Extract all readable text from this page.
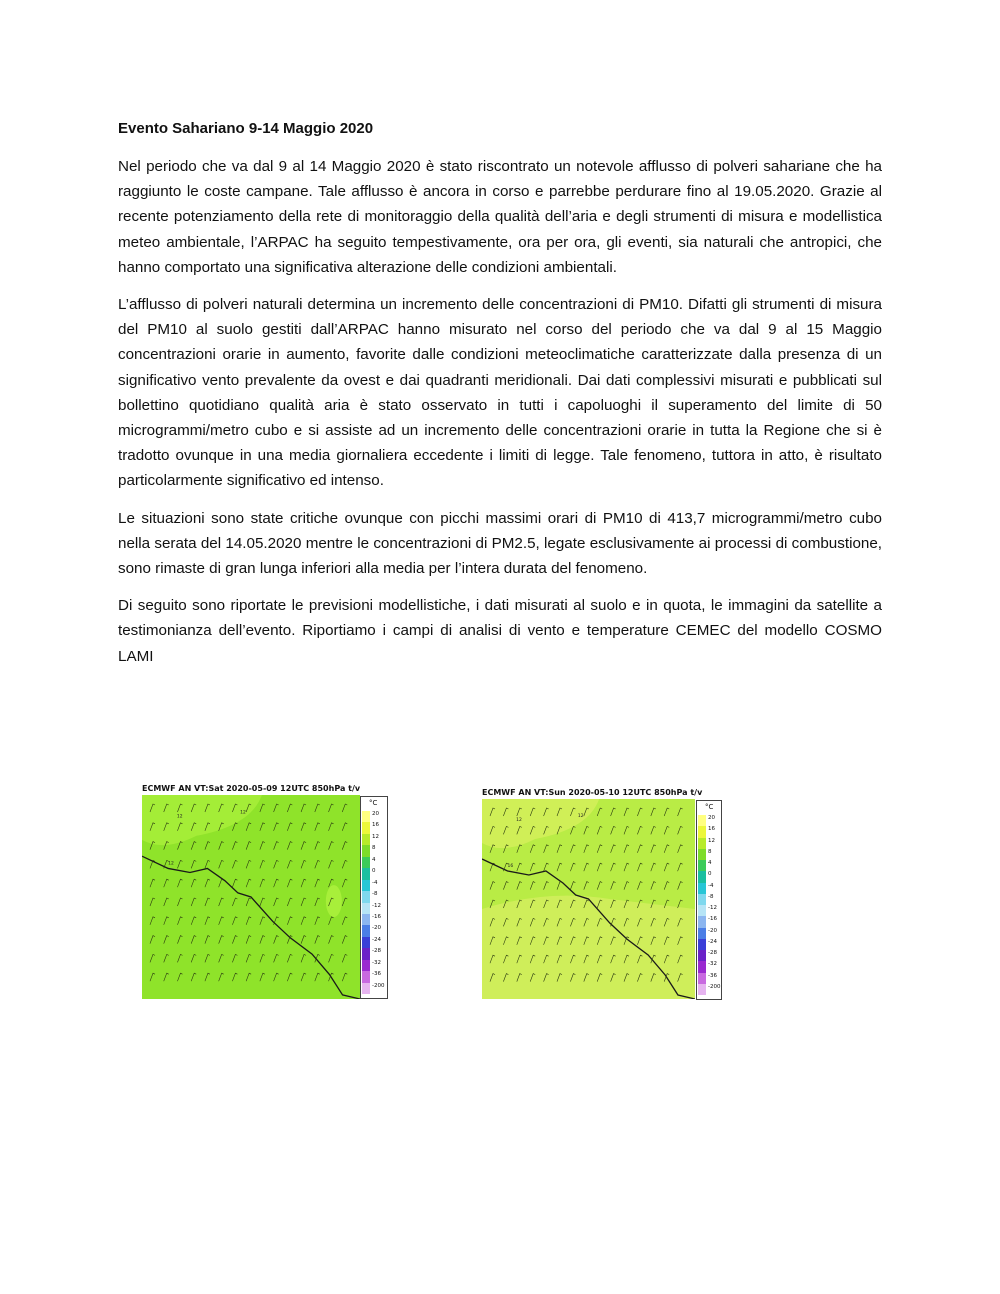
Evento Sahariano 9-14 Maggio 2020

Nel periodo che va dal 9 al 14 Maggio 2020 è stato riscontrato un notevole afflusso di polveri sahariane che ha raggiunto le coste campane. Tale afflusso è ancora in corso e parrebbe perdurare fino al 19.05.2020. Grazie al recente potenziamento della rete di monitoraggio della qualità dell’aria e degli strumenti di misura e modellistica meteo ambientale, l’ARPAC ha seguito tempestivamente, ora per ora, gli eventi, sia naturali che antropici, che hanno comportato una significativa alterazione delle condizioni ambientali.

L’afflusso di polveri naturali determina un incremento delle concentrazioni di PM10. Difatti gli strumenti di misura del PM10 al suolo gestiti dall’ARPAC hanno misurato nel corso del periodo che va dal 9 al 15 Maggio concentrazioni orarie in aumento, favorite dalle condizioni meteoclimatiche caratterizzate dalla presenza di un significativo vento prevalente da ovest e dai quadranti meridionali. Dai dati complessivi misurati e pubblicati sul bollettino quotidiano qualità aria è stato osservato in tutti i capoluoghi il superamento del limite di 50 microgrammi/metro cubo e si assiste ad un incremento delle concentrazioni orarie in tutta la Regione che si è tradotto ovunque in una media giornaliera eccedente i limiti di legge. Tale fenomeno, tuttora in atto, è risultato particolarmente significativo ed intenso.

Le situazioni sono state critiche ovunque con picchi massimi orari di PM10 di 413,7 microgrammi/metro cubo nella serata del 14.05.2020 mentre le concentrazioni di PM2.5, legate esclusivamente ai processi di combustione, sono rimaste di gran lunga inferiori alla media per l’intera durata del fenomeno.

Di seguito sono riportate le previsioni modellistiche, i dati misurati al suolo e in quota, le immagini da satellite a testimonianza dell’evento. Riportiamo i campi di analisi di vento e temperature CEMEC del modello COSMO LAMI

ECMWF AN VT:Sat 2020-05-09 12UTC 850hPa t/v
12
12
12
°C
20
16
12
8
4
0
-4
-8
-12
-16
-20
-24
-28
-32
-36
-200
ECMWF AN VT:Sun 2020-05-10 12UTC 850hPa t/v
12
12
16
°C
20
16
12
8
4
0
-4
-8
-12
-16
-20
-24
-28
-32
-36
-200
